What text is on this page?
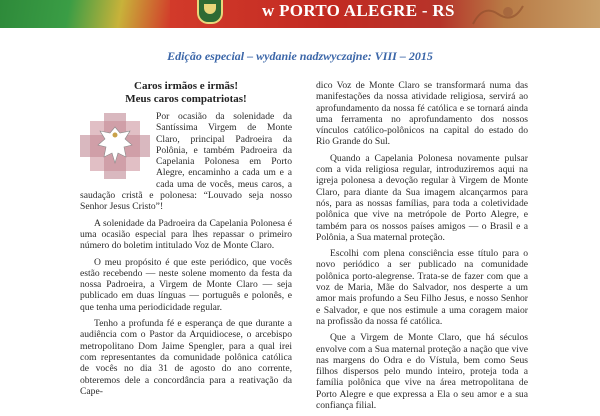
w PORTO ALEGRE - RS
Edição especial – wydanie nadzwyczajne: VIII – 2015
Caros irmãos e irmãs!
Meus caros compatriotas!

Por ocasião da solenidade da Santíssima Virgem de Monte Claro, principal Padroeira da Polônia, e também Padroeira da Capelania Polonesa em Porto Alegre, encaminho a cada um e a cada uma de vocês, meus caros, a saudação cristã e polonesa: “Louvado seja nosso Senhor Jesus Cristo”!

A solenidade da Padroeira da Capelania Polonesa é uma ocasião especial para lhes repassar o primeiro número do boletim intitulado Voz de Monte Claro.

O meu propósito é que este periódico, que vocês estão recebendo — neste solene momento da festa da nossa Padroeira, a Virgem de Monte Claro — seja publicado em duas línguas — português e polonês, e que tenha uma periodicidade regular.

Tenho a profunda fé e esperança de que durante a audiência com o Pastor da Arquidiocese, o arcebispo metropolitano Dom Jaime Spengler, para a qual irei com representantes da comunidade polônica católica de vocês no dia 31 de agosto do ano corrente, obteremos dele a concordância para a reativação da Cape-

dico Voz de Monte Claro se transformará numa das manifestações da nossa atividade religiosa, servirá ao aprofundamento da nossa fé católica e se tornará ainda uma ferramenta no aprofundamento dos nossos vínculos católico-polônicos na capital do estado do Rio Grande do Sul.

Quando a Capelania Polonesa novamente pulsar com a vida religiosa regular, introduziremos aqui na igreja polonesa a devoção regular à Virgem de Monte Claro, para diante da Sua imagem alcançarmos para nós, para as nossas famílias, para toda a coletividade polônica que vive na metrópole de Porto Alegre, e também para os nossos países amigos — o Brasil e a Polônia, a Sua maternal proteção.

Escolhi com plena consciência esse título para o novo periódico a ser publicado na comunidade polônica porto-alegrense. Trata-se de fazer com que a voz de Maria, Mãe do Salvador, nos desperte a um amor mais profundo a Seu Filho Jesus, e nosso Senhor e Salvador, e que nos estimule a uma coragem maior na profissão da nossa fé católica.

Que a Virgem de Monte Claro, que há séculos envolve com a Sua maternal proteção a nação que vive nas margens do Odra e do Vístula, bem como Seus filhos dispersos pelo mundo inteiro, proteja toda a família polônica que vive na área metropolitana de Porto Alegre e que expressa a Ela o seu amor e a sua confiança filial.
